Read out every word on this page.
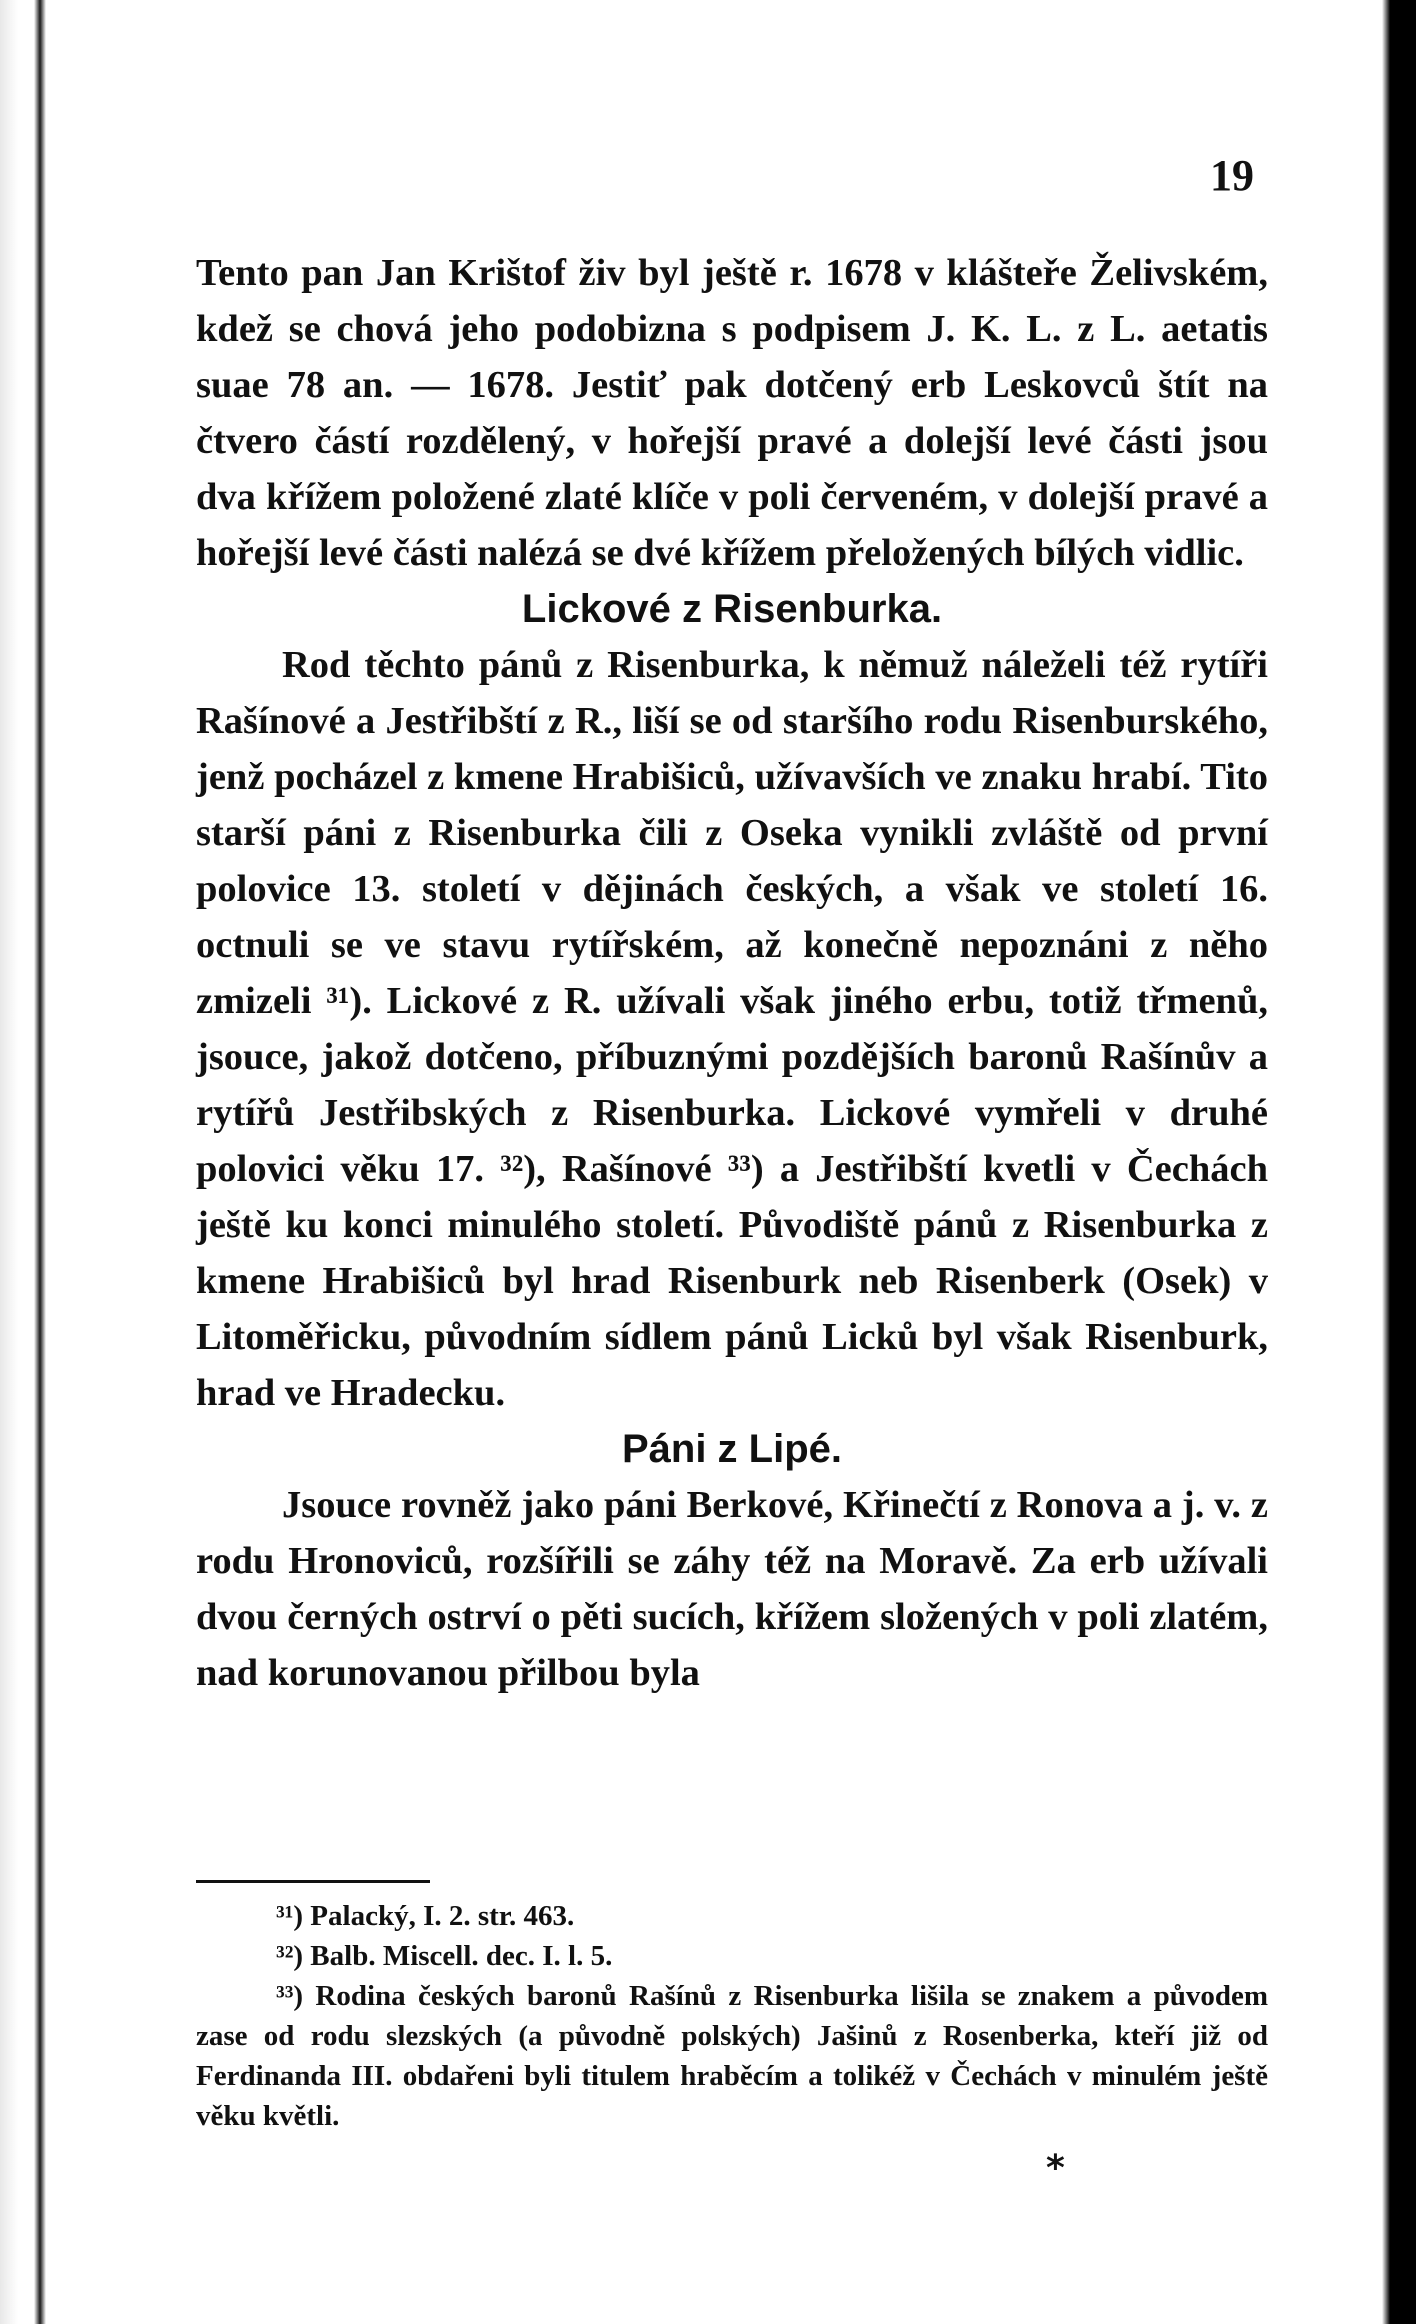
19

Tento pan Jan Krištof živ byl ještě r. 1678 v klášteře Želivském, kdež se chová jeho podobizna s podpisem J. K. L. z L. aetatis suae 78 an. — 1678. Jestiť pak dotčený erb Leskovců štít na čtvero částí rozdělený, v hořejší pravé a dolejší levé části jsou dva křížem položené zlaté klíče v poli červeném, v dolejší pravé a hořejší levé části nalézá se dvé křížem přeložených bílých vidlic.

Lickové z Risenburka.

Rod těchto pánů z Risenburka, k němuž náleželi též rytíři Rašínové a Jestřibští z R., liší se od staršího rodu Risenburského, jenž pocházel z kmene Hrabišiců, užívavších ve znaku hrabí. Tito starší páni z Risenburka čili z Oseka vynikli zvláště od první polovice 13. století v dějinách českých, a však ve století 16. octnuli se ve stavu rytířském, až konečně nepoznáni z něho zmizeli ³¹). Lickové z R. užívali však jiného erbu, totiž třmenů, jsouce, jakož dotčeno, příbuznými pozdějších baronů Rašínův a rytířů Jestřibských z Risenburka. Lickové vymřeli v druhé polovici věku 17. ³²), Rašínové ³³) a Jestřibští kvetli v Čechách ještě ku konci minulého století. Původiště pánů z Risenburka z kmene Hrabišiců byl hrad Risenburk neb Risenberk (Osek) v Litoměřicku, původním sídlem pánů Licků byl však Risenburk, hrad ve Hradecku.

Páni z Lipé.

Jsouce rovněž jako páni Berkové, Křinečtí z Ronova a j. v. z rodu Hronoviců, rozšířili se záhy též na Moravě. Za erb užívali dvou černých ostrví o pěti sucích, křížem složených v poli zlatém, nad korunovanou přilbou byla

³¹) Palacký, I. 2. str. 463.

³²) Balb. Miscell. dec. I. l. 5.

³³) Rodina českých baronů Rašínů z Risenburka lišila se znakem a původem zase od rodu slezských (a původně polských) Jašinů z Rosenberka, kteří již od Ferdinanda III. obdařeni byli titulem hraběcím a tolikéž v Čechách v minulém ještě věku květli.

*
